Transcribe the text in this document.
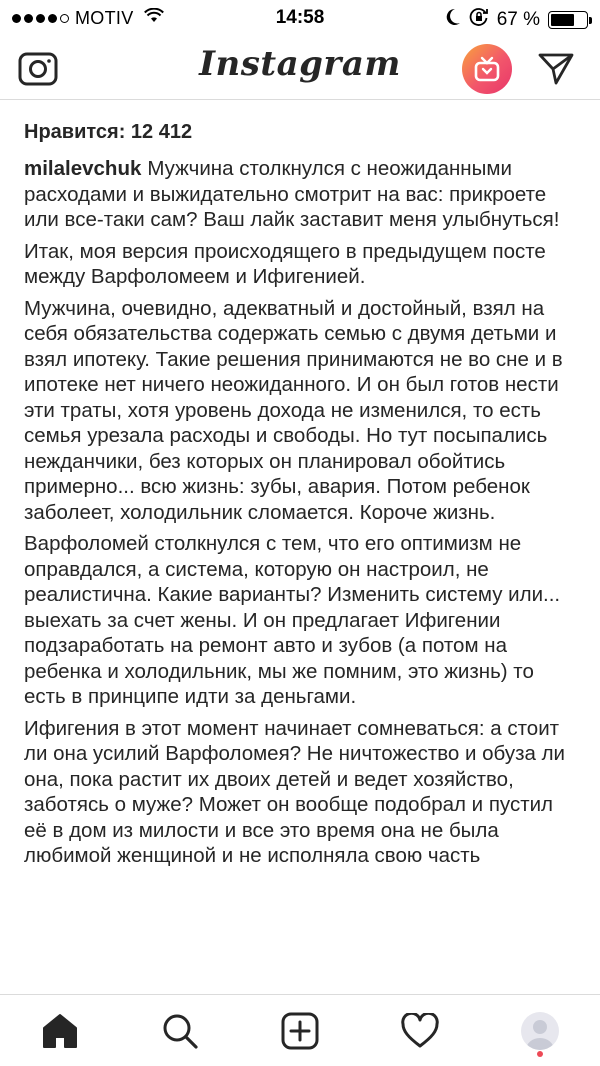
MOTIV	14:58	67 %
Instagram
Нравится: 12 412

milalevchuk Мужчина столкнулся с неожиданными расходами и выжидательно смотрит на вас: прикроете или все-таки сам? Ваш лайк заставит меня улыбнуться!

Итак, моя версия происходящего в предыдущем посте между Варфоломеем и Ифигенией.

Мужчина, очевидно, адекватный и достойный, взял на себя обязательства содержать семью с двумя детьми и взял ипотеку. Такие решения принимаются не во сне и в ипотеке нет ничего неожиданного. И он был готов нести эти траты, хотя уровень дохода не изменился, то есть семья урезала расходы и свободы. Но тут посыпались нежданчики, без которых он планировал обойтись примерно... всю жизнь: зубы, авария. Потом ребенок заболеет, холодильник сломается. Короче жизнь.

Варфоломей столкнулся с тем, что его оптимизм не оправдался, а система, которую он настроил, не реалистична. Какие варианты? Изменить систему или... выехать за счет жены. И он предлагает Ифигении подзаработать на ремонт авто и зубов (а потом на ребенка и холодильник, мы же помним, это жизнь) то есть в принципе идти за деньгами.

Ифигения в этот момент начинает сомневаться: а стоит ли она усилий Варфоломея? Не ничтожество и обуза ли она, пока растит их двоих детей и ведет хозяйство, заботясь о муже? Может он вообще подобрал и пустил её в дом из милости и все это время она не была любимой женщиной и не исполняла свою часть
